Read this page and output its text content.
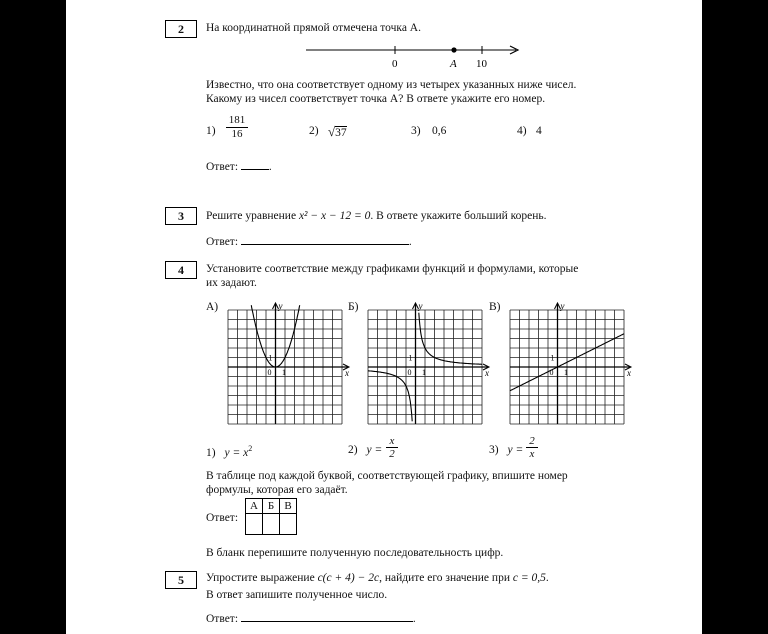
2	На координатной прямой отмечена точка A.
0	A 10
Известно, что она соответствует одному из четырех указанных ниже чисел.
Какому из чисел соответствует точка A? В ответе укажите его номер.
$1) \frac{181}{16}$	2) √37	3) 0,6	4) 4
Ответ:	.
3	Решите уравнение x² − x − 12 = 0. В ответе укажите больший корень.
Ответ:	.
4	Установите соответствие между графиками функций и формулами, которые
их задают.
А)	Б)	В)
y
x
0 1
1
y
x
0 1
1
y
x
0 1
1
1) $y = x^2$	2) $y = \frac{x}{2}$	3) $y = \frac{2}{x}$
В таблице под каждой буквой, соответствующей графику, впишите номер
формулы, которая его задаёт.
Ответ:
А	Б	В

В бланк перепишите полученную последовательность цифр.
5	Упростите выражение c(c + 4) − 2c, найдите его значение при c = 0,5.
В ответ запишите полученное число.
Ответ:	.
